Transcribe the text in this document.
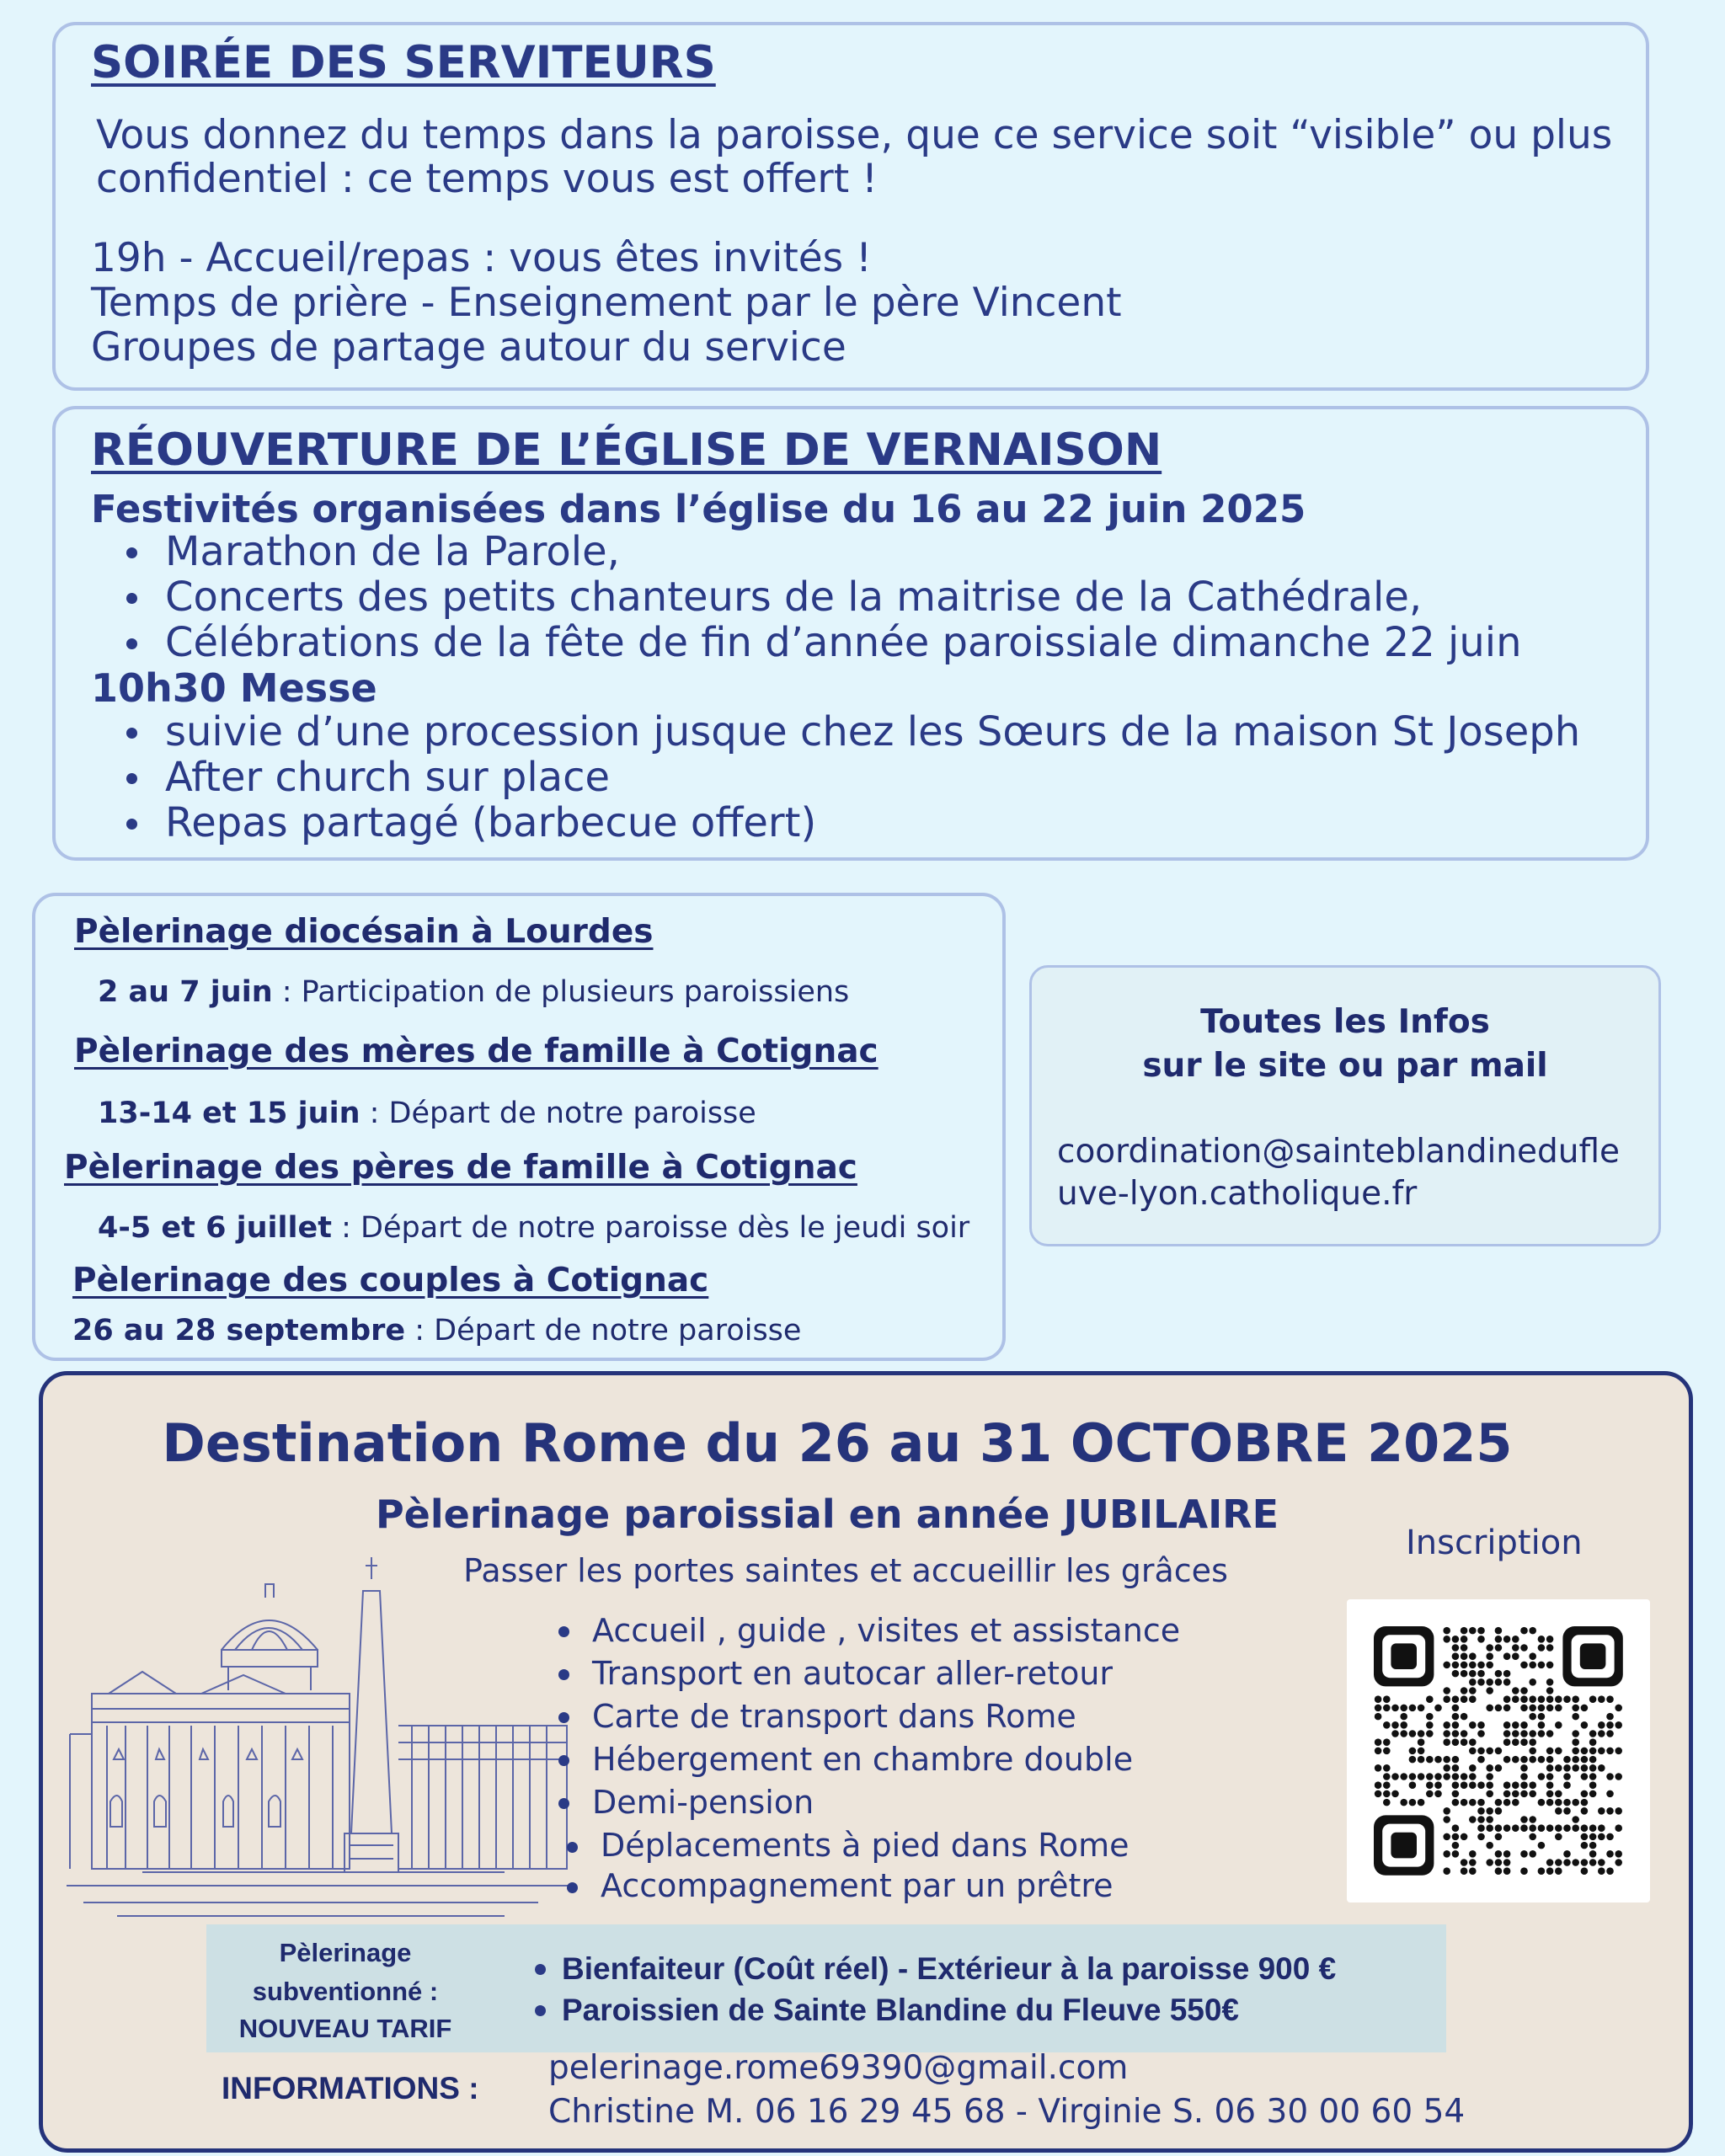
SOIRÉE DES SERVITEURS
Vous donnez du temps dans la paroisse, que ce service soit “visible” ou plus
confidentiel : ce temps vous est offert !
19h - Accueil/repas : vous êtes invités !
Temps de prière - Enseignement par le père Vincent
Groupes de partage autour du service
RÉOUVERTURE DE L’ÉGLISE DE VERNAISON
Festivités organisées dans l’église du 16 au 22 juin 2025
Marathon de la Parole,
Concerts des petits chanteurs de la maitrise de la Cathédrale,
Célébrations de la fête de fin d’année paroissiale dimanche 22 juin
10h30 Messe
suivie d’une procession jusque chez les Sœurs de la maison St Joseph
After church sur place
Repas partagé (barbecue offert)
Pèlerinage diocésain à Lourdes
2 au 7 juin : Participation de plusieurs paroissiens
Pèlerinage des mères de famille à Cotignac
13-14 et 15 juin : Départ de notre paroisse
Pèlerinage des pères de famille à Cotignac
4-5 et 6 juillet : Départ de notre paroisse dès le jeudi soir
Pèlerinage des couples à Cotignac
26 au 28 septembre : Départ de notre paroisse
Toutes les Infos
sur le site ou par mail
coordination@sainteblandinedufle
uve-lyon.catholique.fr
Destination Rome du 26 au 31 OCTOBRE 2025
Pèlerinage paroissial en année JUBILAIRE
Passer les portes saintes et accueillir les grâces
Inscription
Accueil , guide , visites et assistance
Transport en autocar aller-retour
Carte de transport dans Rome
Hébergement en chambre double
Demi-pension
Déplacements à pied dans Rome
Accompagnement par un prêtre
Pèlerinage
subventionné :
NOUVEAU TARIF
Bienfaiteur (Coût réel) - Extérieur à la paroisse 900 €
Paroissien de Sainte Blandine du Fleuve 550€
INFORMATIONS :
pelerinage.rome69390@gmail.com
Christine M. 06 16 29 45 68 - Virginie S. 06 30 00 60 54
